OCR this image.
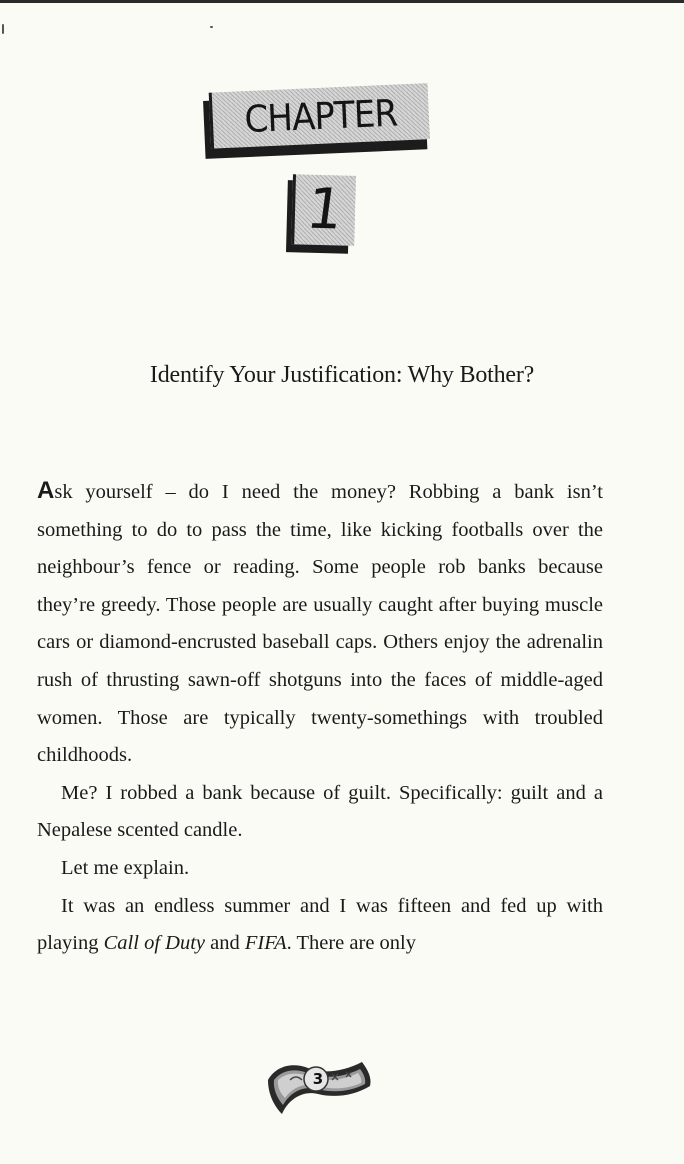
CHAPTER
1
Identify Your Justification: Why Bother?

Ask yourself – do I need the money? Robbing a bank isn’t something to do to pass the time, like kicking footballs over the neighbour’s fence or reading. Some people rob banks because they’re greedy. Those people are usually caught after buying muscle cars or diamond-encrusted baseball caps. Others enjoy the adrenalin rush of thrusting sawn-off shotguns into the faces of middle-aged women. Those are typically twenty-somethings with troubled childhoods.

Me? I robbed a bank because of guilt. Specifically: guilt and a Nepalese scented candle.

Let me explain.

It was an endless summer and I was fifteen and fed up with playing Call of Duty and FIFA. There are only

3
